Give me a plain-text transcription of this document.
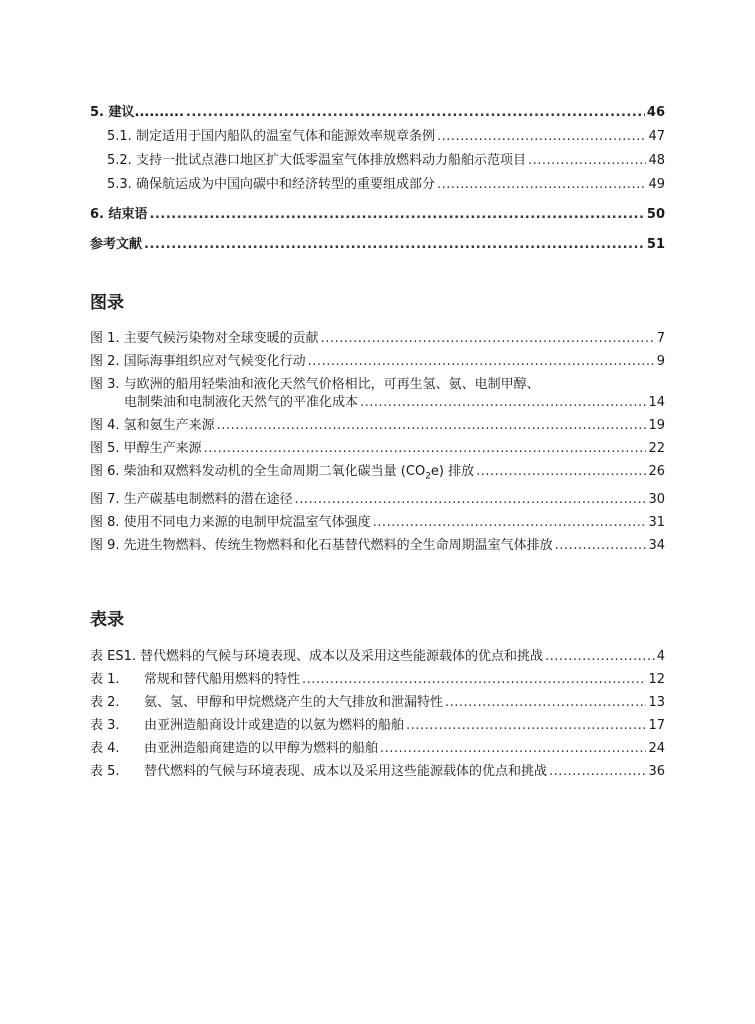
5. 建议.......... .....	46
5.1. 制定适用于国内船队的温室气体和能源效率规章条例 .....	47
5.2. 支持一批试点港口地区扩大低零温室气体排放燃料动力船舶示范项目 .....	48
5.3. 确保航运成为中国向碳中和经济转型的重要组成部分 .....	49
6. 结束语 .....	50
参考文献 .....	51
图录
图 1. 主要气候污染物对全球变暖的贡献 .....	7
图 2. 国际海事组织应对气候变化行动 .....	9
图 3. 与欧洲的船用轻柴油和液化天然气价格相比，可再生氢、氨、电制甲醇、
电制柴油和电制液化天然气的平准化成本 .....	14
图 4. 氢和氨生产来源 .....	19
图 5. 甲醇生产来源 .....	22
图 6. 柴油和双燃料发动机的全生命周期二氧化碳当量 $(CO_2e)$ 排放 .....	26
图 7. 生产碳基电制燃料的潜在途径 .....	30
图 8. 使用不同电力来源的电制甲烷温室气体强度 .....	31
图 9. 先进生物燃料、传统生物燃料和化石基替代燃料的全生命周期温室气体排放 .....	34
表录
表 ES1. 替代燃料的气候与环境表现、成本以及采用这些能源载体的优点和挑战 .....	4
表 1. 常规和替代船用燃料的特性 .....	12
表 2. 氨、氢、甲醇和甲烷燃烧产生的大气排放和泄漏特性 .....	13
表 3. 由亚洲造船商设计或建造的以氨为燃料的船舶 .....	17
表 4. 由亚洲造船商建造的以甲醇为燃料的船舶 .....	24
表 5. 替代燃料的气候与环境表现、成本以及采用这些能源载体的优点和挑战 .....	36
